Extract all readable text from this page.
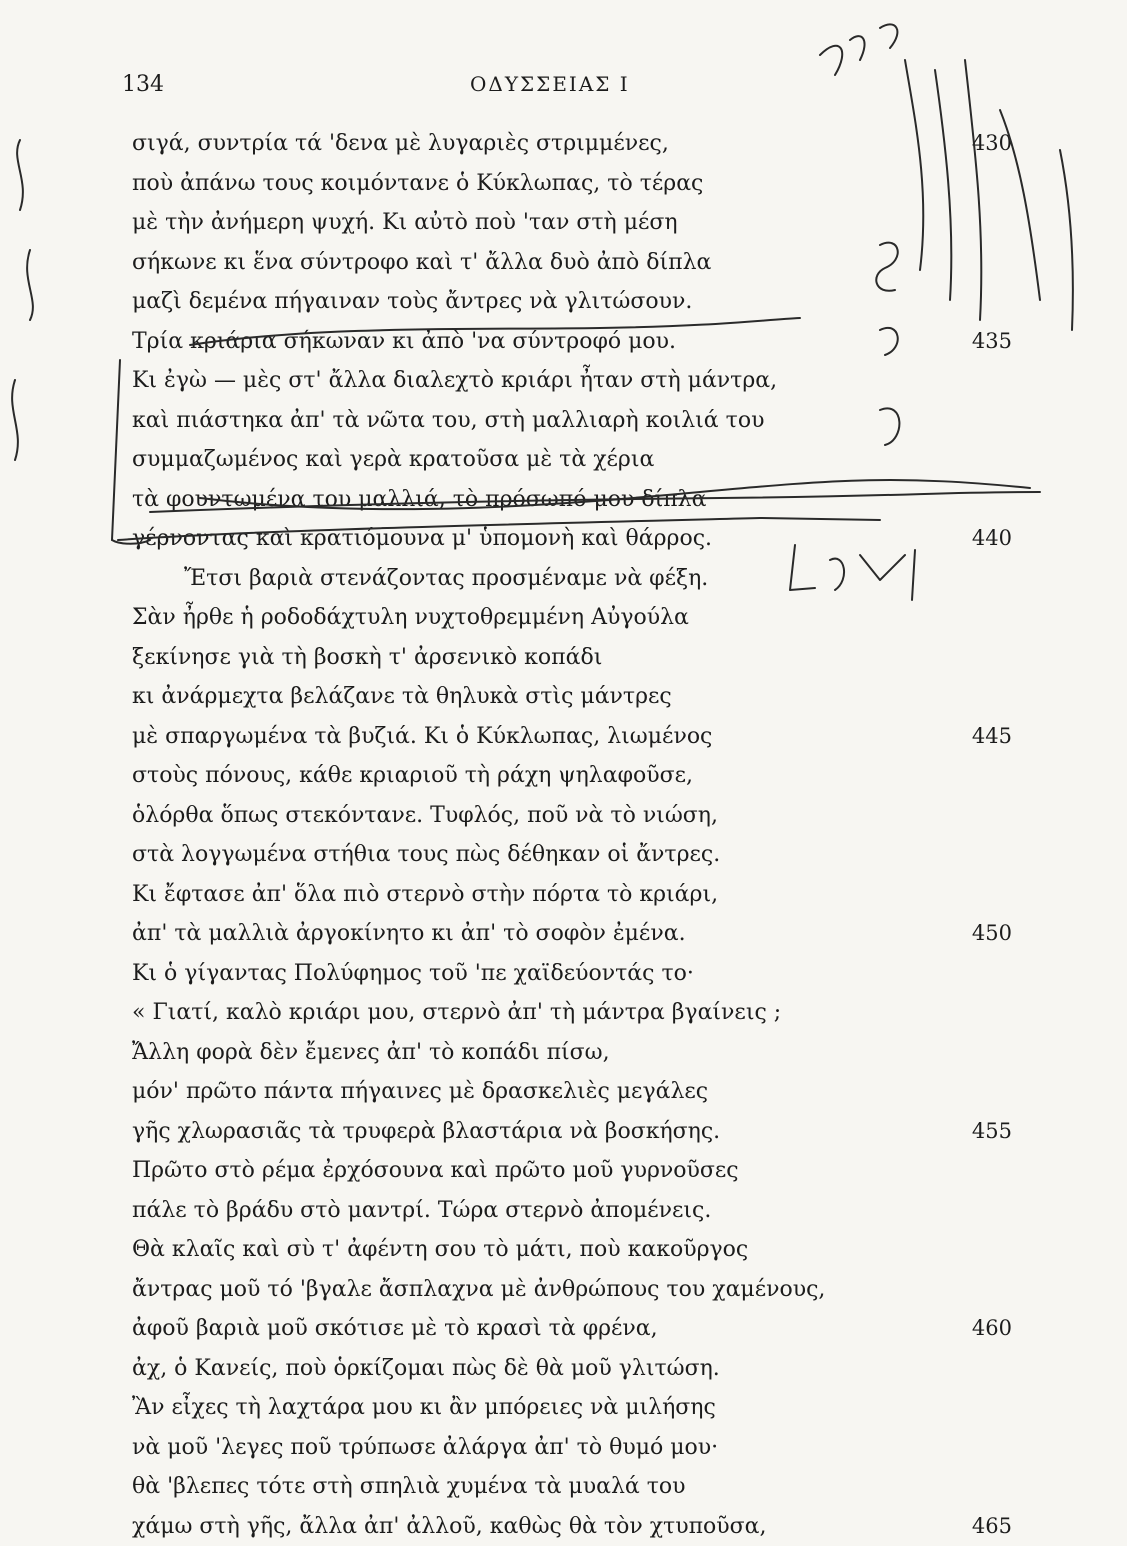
134	ΟΔΥΣΣΕΙΑΣ Ι
σιγά, συντρία τά 'δενα μὲ λυγαριὲς στριμμένες,	430
ποὺ ἀπάνω τους κοιμόντανε ὁ Κύκλωπας, τὸ τέρας
μὲ τὴν ἀνήμερη ψυχή. Κι αὐτὸ ποὺ 'ταν στὴ μέση
σήκωνε κι ἕνα σύντροφο καὶ τ' ἄλλα δυὸ ἀπὸ δίπλα
μαζὶ δεμένα πήγαιναν τοὺς ἄντρες νὰ γλιτώσουν.
Τρία κριάρια σήκωναν κι ἀπὸ 'να σύντροφό μου.	435
Κι ἐγὼ — μὲς στ' ἄλλα διαλεχτὸ κριάρι ἦταν στὴ μάντρα,
καὶ πιάστηκα ἀπ' τὰ νῶτα του, στὴ μαλλιαρὴ κοιλιά του
συμμαζωμένος καὶ γερὰ κρατοῦσα μὲ τὰ χέρια
τὰ φουντωμένα του μαλλιά, τὸ πρόσωπό μου δίπλα
γέρνοντας καὶ κρατιόμουνα μ' ὑπομονὴ καὶ θάρρος.	440
Ἔτσι βαριὰ στενάζοντας προσμέναμε νὰ φέξη.
Σὰν ἦρθε ἡ ροδοδάχτυλη νυχτοθρεμμένη Αὐγούλα
ξεκίνησε γιὰ τὴ βοσκὴ τ' ἀρσενικὸ κοπάδι
κι ἀνάρμεχτα βελάζανε τὰ θηλυκὰ στὶς μάντρες
μὲ σπαργωμένα τὰ βυζιά. Κι ὁ Κύκλωπας, λιωμένος	445
στοὺς πόνους, κάθε κριαριοῦ τὴ ράχη ψηλαφοῦσε,
ὁλόρθα ὅπως στεκόντανε. Τυφλός, ποῦ νὰ τὸ νιώση,
στὰ λογγωμένα στήθια τους πὼς δέθηκαν οἱ ἄντρες.
Κι ἔφτασε ἀπ' ὅλα πιὸ στερνὸ στὴν πόρτα τὸ κριάρι,
ἀπ' τὰ μαλλιὰ ἀργοκίνητο κι ἀπ' τὸ σοφὸν ἐμένα.	450
Κι ὁ γίγαντας Πολύφημος τοῦ 'πε χαϊδεύοντάς το·
« Γιατί, καλὸ κριάρι μου, στερνὸ ἀπ' τὴ μάντρα βγαίνεις ;
Ἄλλη φορὰ δὲν ἔμενες ἀπ' τὸ κοπάδι πίσω,
μόν' πρῶτο πάντα πήγαινες μὲ δρασκελιὲς μεγάλες
γῆς χλωρασιᾶς τὰ τρυφερὰ βλαστάρια νὰ βοσκήσης.	455
Πρῶτο στὸ ρέμα ἐρχόσουνα καὶ πρῶτο μοῦ γυρνοῦσες
πάλε τὸ βράδυ στὸ μαντρί. Τώρα στερνὸ ἀπομένεις.
Θὰ κλαῖς καὶ σὺ τ' ἀφέντη σου τὸ μάτι, ποὺ κακοῦργος
ἄντρας μοῦ τό 'βγαλε ἄσπλαχνα μὲ ἀνθρώπους του χαμένους,
ἀφοῦ βαριὰ μοῦ σκότισε μὲ τὸ κρασὶ τὰ φρένα,	460
ἀχ, ὁ Κανείς, ποὺ ὁρκίζομαι πὼς δὲ θὰ μοῦ γλιτώση.
Ἂν εἶχες τὴ λαχτάρα μου κι ἂν μπόρειες νὰ μιλήσης
νὰ μοῦ 'λεγες ποῦ τρύπωσε ἀλάργα ἀπ' τὸ θυμό μου·
θὰ 'βλεπες τότε στὴ σπηλιὰ χυμένα τὰ μυαλά του
χάμω στὴ γῆς, ἄλλα ἀπ' ἀλλοῦ, καθὼς θὰ τὸν χτυποῦσα,	465
